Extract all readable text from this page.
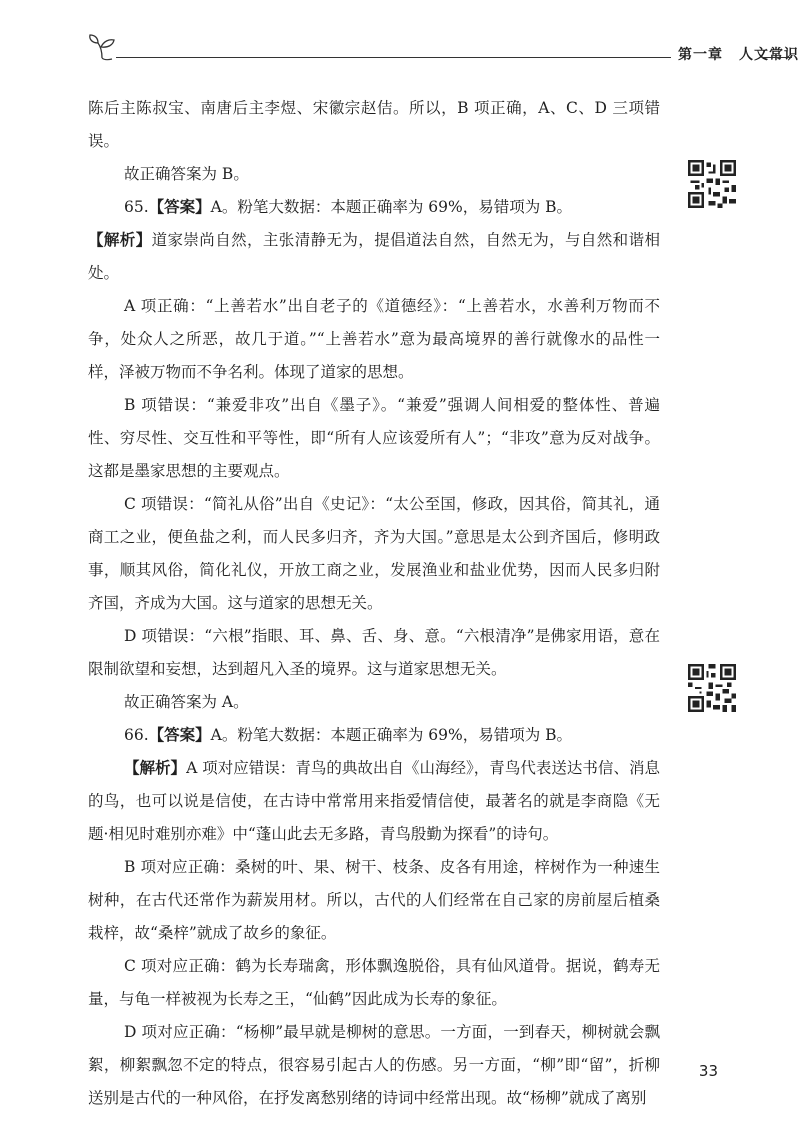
第一章 人文常识

陈后主陈叔宝、南唐后主李煜、宋徽宗赵佶。所以，B 项正确，A、C、D 三项错误。

故正确答案为 B。

65.【答案】A。粉笔大数据：本题正确率为 69%，易错项为 B。

【解析】道家崇尚自然，主张清静无为，提倡道法自然，自然无为，与自然和谐相处。

A 项正确：“上善若水”出自老子的《道德经》：“上善若水，水善利万物而不争，处众人之所恶，故几于道。”“上善若水”意为最高境界的善行就像水的品性一样，泽被万物而不争名利。体现了道家的思想。

B 项错误：“兼爱非攻”出自《墨子》。“兼爱”强调人间相爱的整体性、普遍性、穷尽性、交互性和平等性，即“所有人应该爱所有人”；“非攻”意为反对战争。这都是墨家思想的主要观点。

C 项错误：“简礼从俗”出自《史记》：“太公至国，修政，因其俗，简其礼，通商工之业，便鱼盐之利，而人民多归齐，齐为大国。”意思是太公到齐国后，修明政事，顺其风俗，简化礼仪，开放工商之业，发展渔业和盐业优势，因而人民多归附齐国，齐成为大国。这与道家的思想无关。

D 项错误：“六根”指眼、耳、鼻、舌、身、意。“六根清净”是佛家用语，意在限制欲望和妄想，达到超凡入圣的境界。这与道家思想无关。

故正确答案为 A。

66.【答案】A。粉笔大数据：本题正确率为 69%，易错项为 B。

【解析】A 项对应错误：青鸟的典故出自《山海经》，青鸟代表送达书信、消息的鸟，也可以说是信使，在古诗中常常用来指爱情信使，最著名的就是李商隐《无题·相见时难别亦难》中“蓬山此去无多路，青鸟殷勤为探看”的诗句。

B 项对应正确：桑树的叶、果、树干、枝条、皮各有用途，梓树作为一种速生树种，在古代还常作为薪炭用材。所以，古代的人们经常在自己家的房前屋后植桑栽梓，故“桑梓”就成了故乡的象征。

C 项对应正确：鹤为长寿瑞禽，形体飘逸脱俗，具有仙风道骨。据说，鹤寿无量，与龟一样被视为长寿之王，“仙鹤”因此成为长寿的象征。

D 项对应正确：“杨柳”最早就是柳树的意思。一方面，一到春天，柳树就会飘絮，柳絮飘忽不定的特点，很容易引起古人的伤感。另一方面，“柳”即“留”，折柳送别是古代的一种风俗，在抒发离愁别绪的诗词中经常出现。故“杨柳”就成了离别

33
